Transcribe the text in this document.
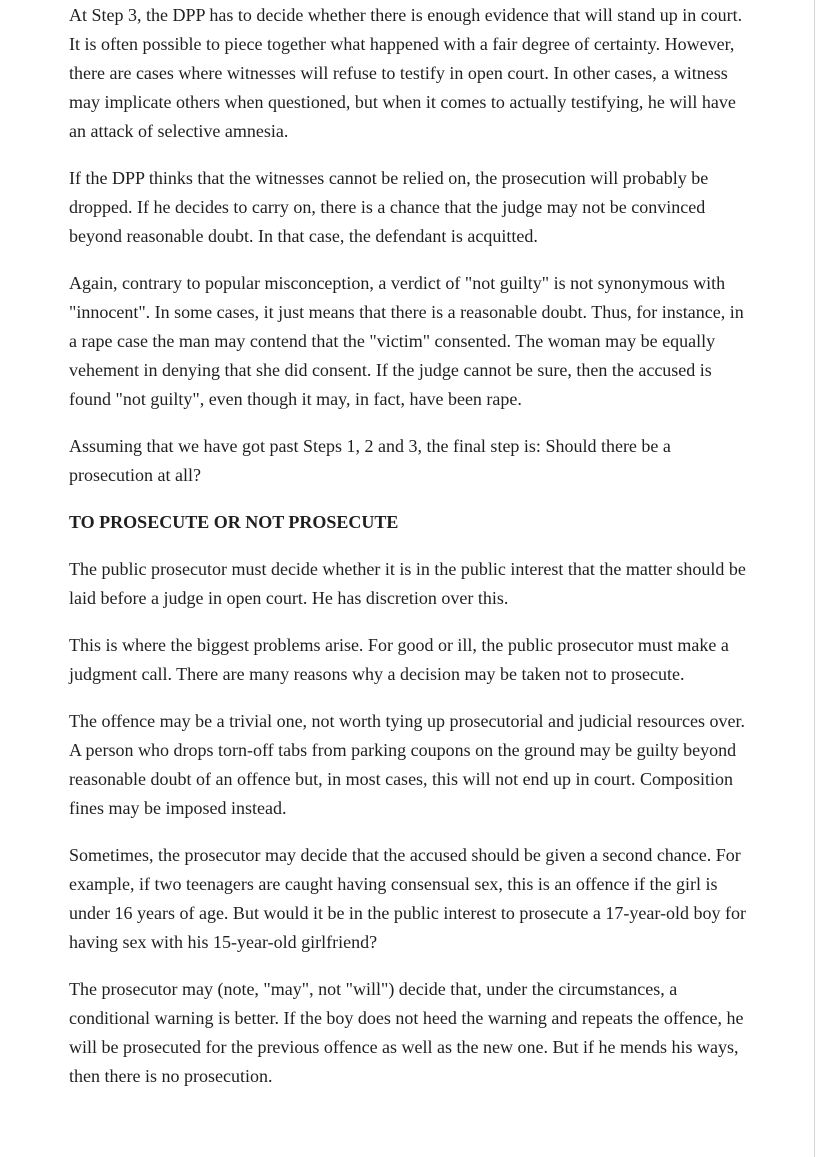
At Step 3, the DPP has to decide whether there is enough evidence that will stand up in court. It is often possible to piece together what happened with a fair degree of certainty. However, there are cases where witnesses will refuse to testify in open court. In other cases, a witness may implicate others when questioned, but when it comes to actually testifying, he will have an attack of selective amnesia.

If the DPP thinks that the witnesses cannot be relied on, the prosecution will probably be dropped. If he decides to carry on, there is a chance that the judge may not be convinced beyond reasonable doubt. In that case, the defendant is acquitted.

Again, contrary to popular misconception, a verdict of "not guilty" is not synonymous with "innocent". In some cases, it just means that there is a reasonable doubt. Thus, for instance, in a rape case the man may contend that the "victim" consented. The woman may be equally vehement in denying that she did consent. If the judge cannot be sure, then the accused is found "not guilty", even though it may, in fact, have been rape.

Assuming that we have got past Steps 1, 2 and 3, the final step is: Should there be a prosecution at all?

TO PROSECUTE OR NOT PROSECUTE

The public prosecutor must decide whether it is in the public interest that the matter should be laid before a judge in open court. He has discretion over this.

This is where the biggest problems arise. For good or ill, the public prosecutor must make a judgment call. There are many reasons why a decision may be taken not to prosecute.

The offence may be a trivial one, not worth tying up prosecutorial and judicial resources over. A person who drops torn-off tabs from parking coupons on the ground may be guilty beyond reasonable doubt of an offence but, in most cases, this will not end up in court. Composition fines may be imposed instead.

Sometimes, the prosecutor may decide that the accused should be given a second chance. For example, if two teenagers are caught having consensual sex, this is an offence if the girl is under 16 years of age. But would it be in the public interest to prosecute a 17-year-old boy for having sex with his 15-year-old girlfriend?

The prosecutor may (note, "may", not "will") decide that, under the circumstances, a conditional warning is better. If the boy does not heed the warning and repeats the offence, he will be prosecuted for the previous offence as well as the new one. But if he mends his ways, then there is no prosecution.
